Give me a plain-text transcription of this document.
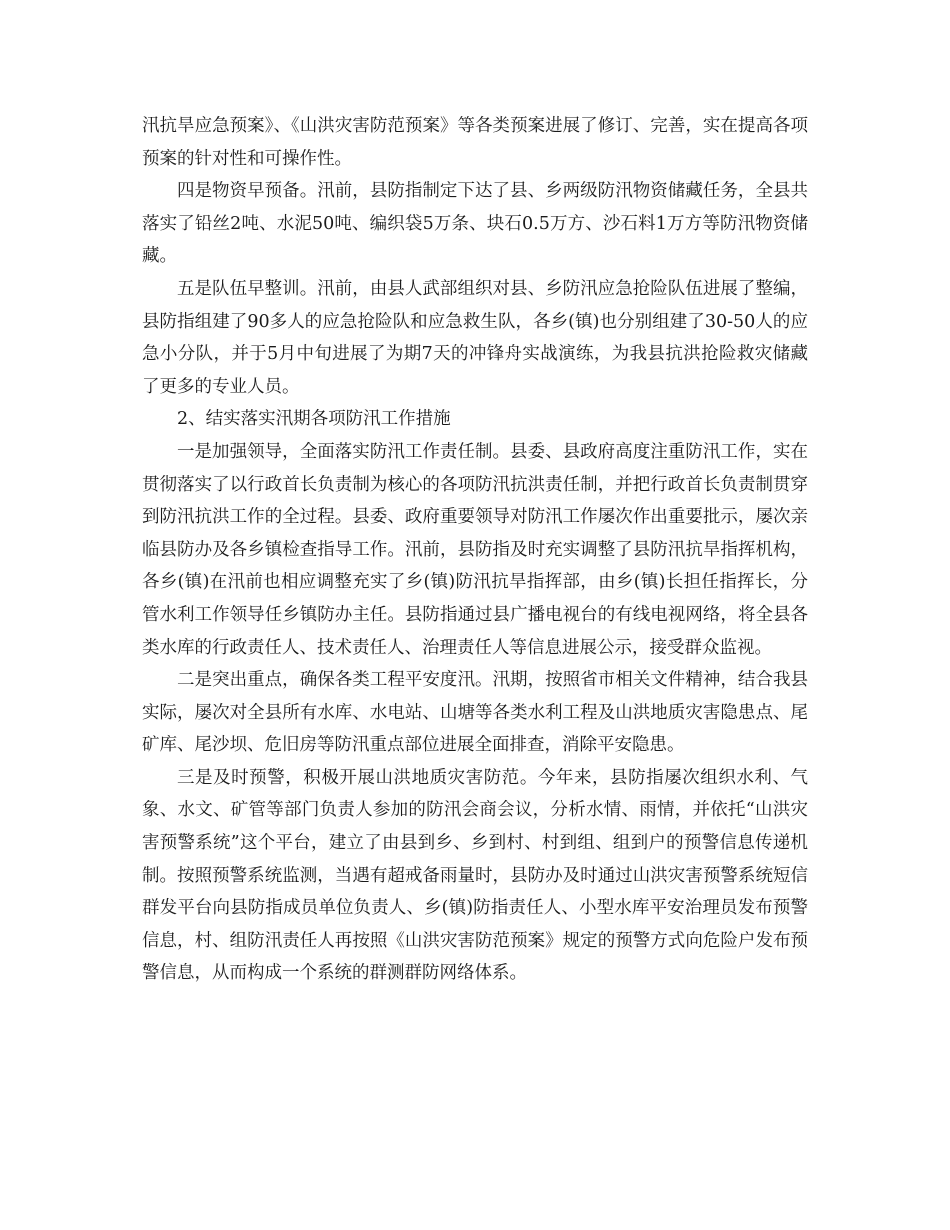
汛抗旱应急预案》、《山洪灾害防范预案》等各类预案进展了修订、完善，实在提高各项预案的针对性和可操作性。

四是物资早预备。汛前，县防指制定下达了县、乡两级防汛物资储藏任务，全县共落实了铅丝2吨、水泥50吨、编织袋5万条、块石0.5万方、沙石料1万方等防汛物资储藏。

五是队伍早整训。汛前，由县人武部组织对县、乡防汛应急抢险队伍进展了整编，县防指组建了90多人的应急抢险队和应急救生队，各乡(镇)也分别组建了30-50人的应急小分队，并于5月中旬进展了为期7天的冲锋舟实战演练，为我县抗洪抢险救灾储藏了更多的专业人员。

2、结实落实汛期各项防汛工作措施

一是加强领导，全面落实防汛工作责任制。县委、县政府高度注重防汛工作，实在贯彻落实了以行政首长负责制为核心的各项防汛抗洪责任制，并把行政首长负责制贯穿到防汛抗洪工作的全过程。县委、政府重要领导对防汛工作屡次作出重要批示，屡次亲临县防办及各乡镇检查指导工作。汛前，县防指及时充实调整了县防汛抗旱指挥机构，各乡(镇)在汛前也相应调整充实了乡(镇)防汛抗旱指挥部，由乡(镇)长担任指挥长，分管水利工作领导任乡镇防办主任。县防指通过县广播电视台的有线电视网络，将全县各类水库的行政责任人、技术责任人、治理责任人等信息进展公示，接受群众监视。

二是突出重点，确保各类工程平安度汛。汛期，按照省市相关文件精神，结合我县实际，屡次对全县所有水库、水电站、山塘等各类水利工程及山洪地质灾害隐患点、尾矿库、尾沙坝、危旧房等防汛重点部位进展全面排查，消除平安隐患。

三是及时预警，积极开展山洪地质灾害防范。今年来，县防指屡次组织水利、气象、水文、矿管等部门负责人参加的防汛会商会议，分析水情、雨情，并依托“山洪灾害预警系统”这个平台，建立了由县到乡、乡到村、村到组、组到户的预警信息传递机制。按照预警系统监测，当遇有超戒备雨量时，县防办及时通过山洪灾害预警系统短信群发平台向县防指成员单位负责人、乡(镇)防指责任人、小型水库平安治理员发布预警信息，村、组防汛责任人再按照《山洪灾害防范预案》规定的预警方式向危险户发布预警信息，从而构成一个系统的群测群防网络体系。
